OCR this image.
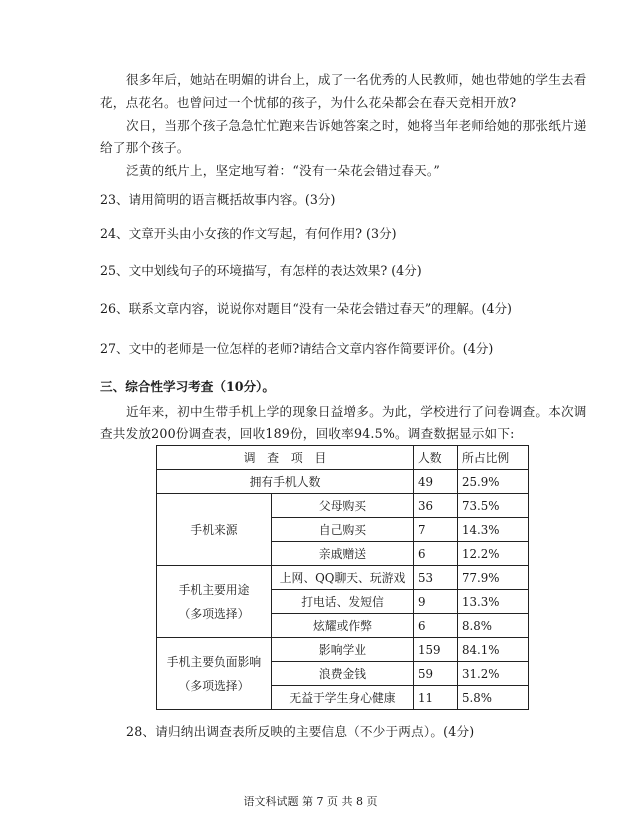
很多年后，她站在明媚的讲台上，成了一名优秀的人民教师，她也带她的学生去看
花，点花名。也曾问过一个忧郁的孩子，为什么花朵都会在春天竞相开放?
次日，当那个孩子急急忙忙跑来告诉她答案之时，她将当年老师给她的那张纸片递
给了那个孩子。
泛黄的纸片上，坚定地写着：“没有一朵花会错过春天。”
23、请用简明的语言概括故事内容。(3分)
24、文章开头由小女孩的作文写起，有何作用? (3分)
25、文中划线句子的环境描写，有怎样的表达效果? (4分)
26、联系文章内容，说说你对题目“没有一朵花会错过春天”的理解。(4分)
27、文中的老师是一位怎样的老师?请结合文章内容作简要评价。(4分)
三、综合性学习考查（10分）。
近年来，初中生带手机上学的现象日益增多。为此，学校进行了问卷调查。本次调
查共发放200份调查表，回收189份，回收率94.5%。调查数据显示如下:
调　查　项　目		人数	所占比例
拥有手机人数		49	25.9%
手机来源	父母购买	36	73.5%
	自己购买	7	14.3%
	亲戚赠送	6	12.2%

手机主要用途
（多项选择）	上网、QQ聊天、玩游戏	53	77.9%
	打电话、发短信	9	13.3%
	炫耀或作弊	6	8.8%

手机主要负面影响
（多项选择）	影响学业	159	84.1%
	浪费金钱	59	31.2%
	无益于学生身心健康	11	5.8%
28、请归纳出调查表所反映的主要信息（不少于两点）。(4分)
语文科试题 第 7 页 共 8 页
